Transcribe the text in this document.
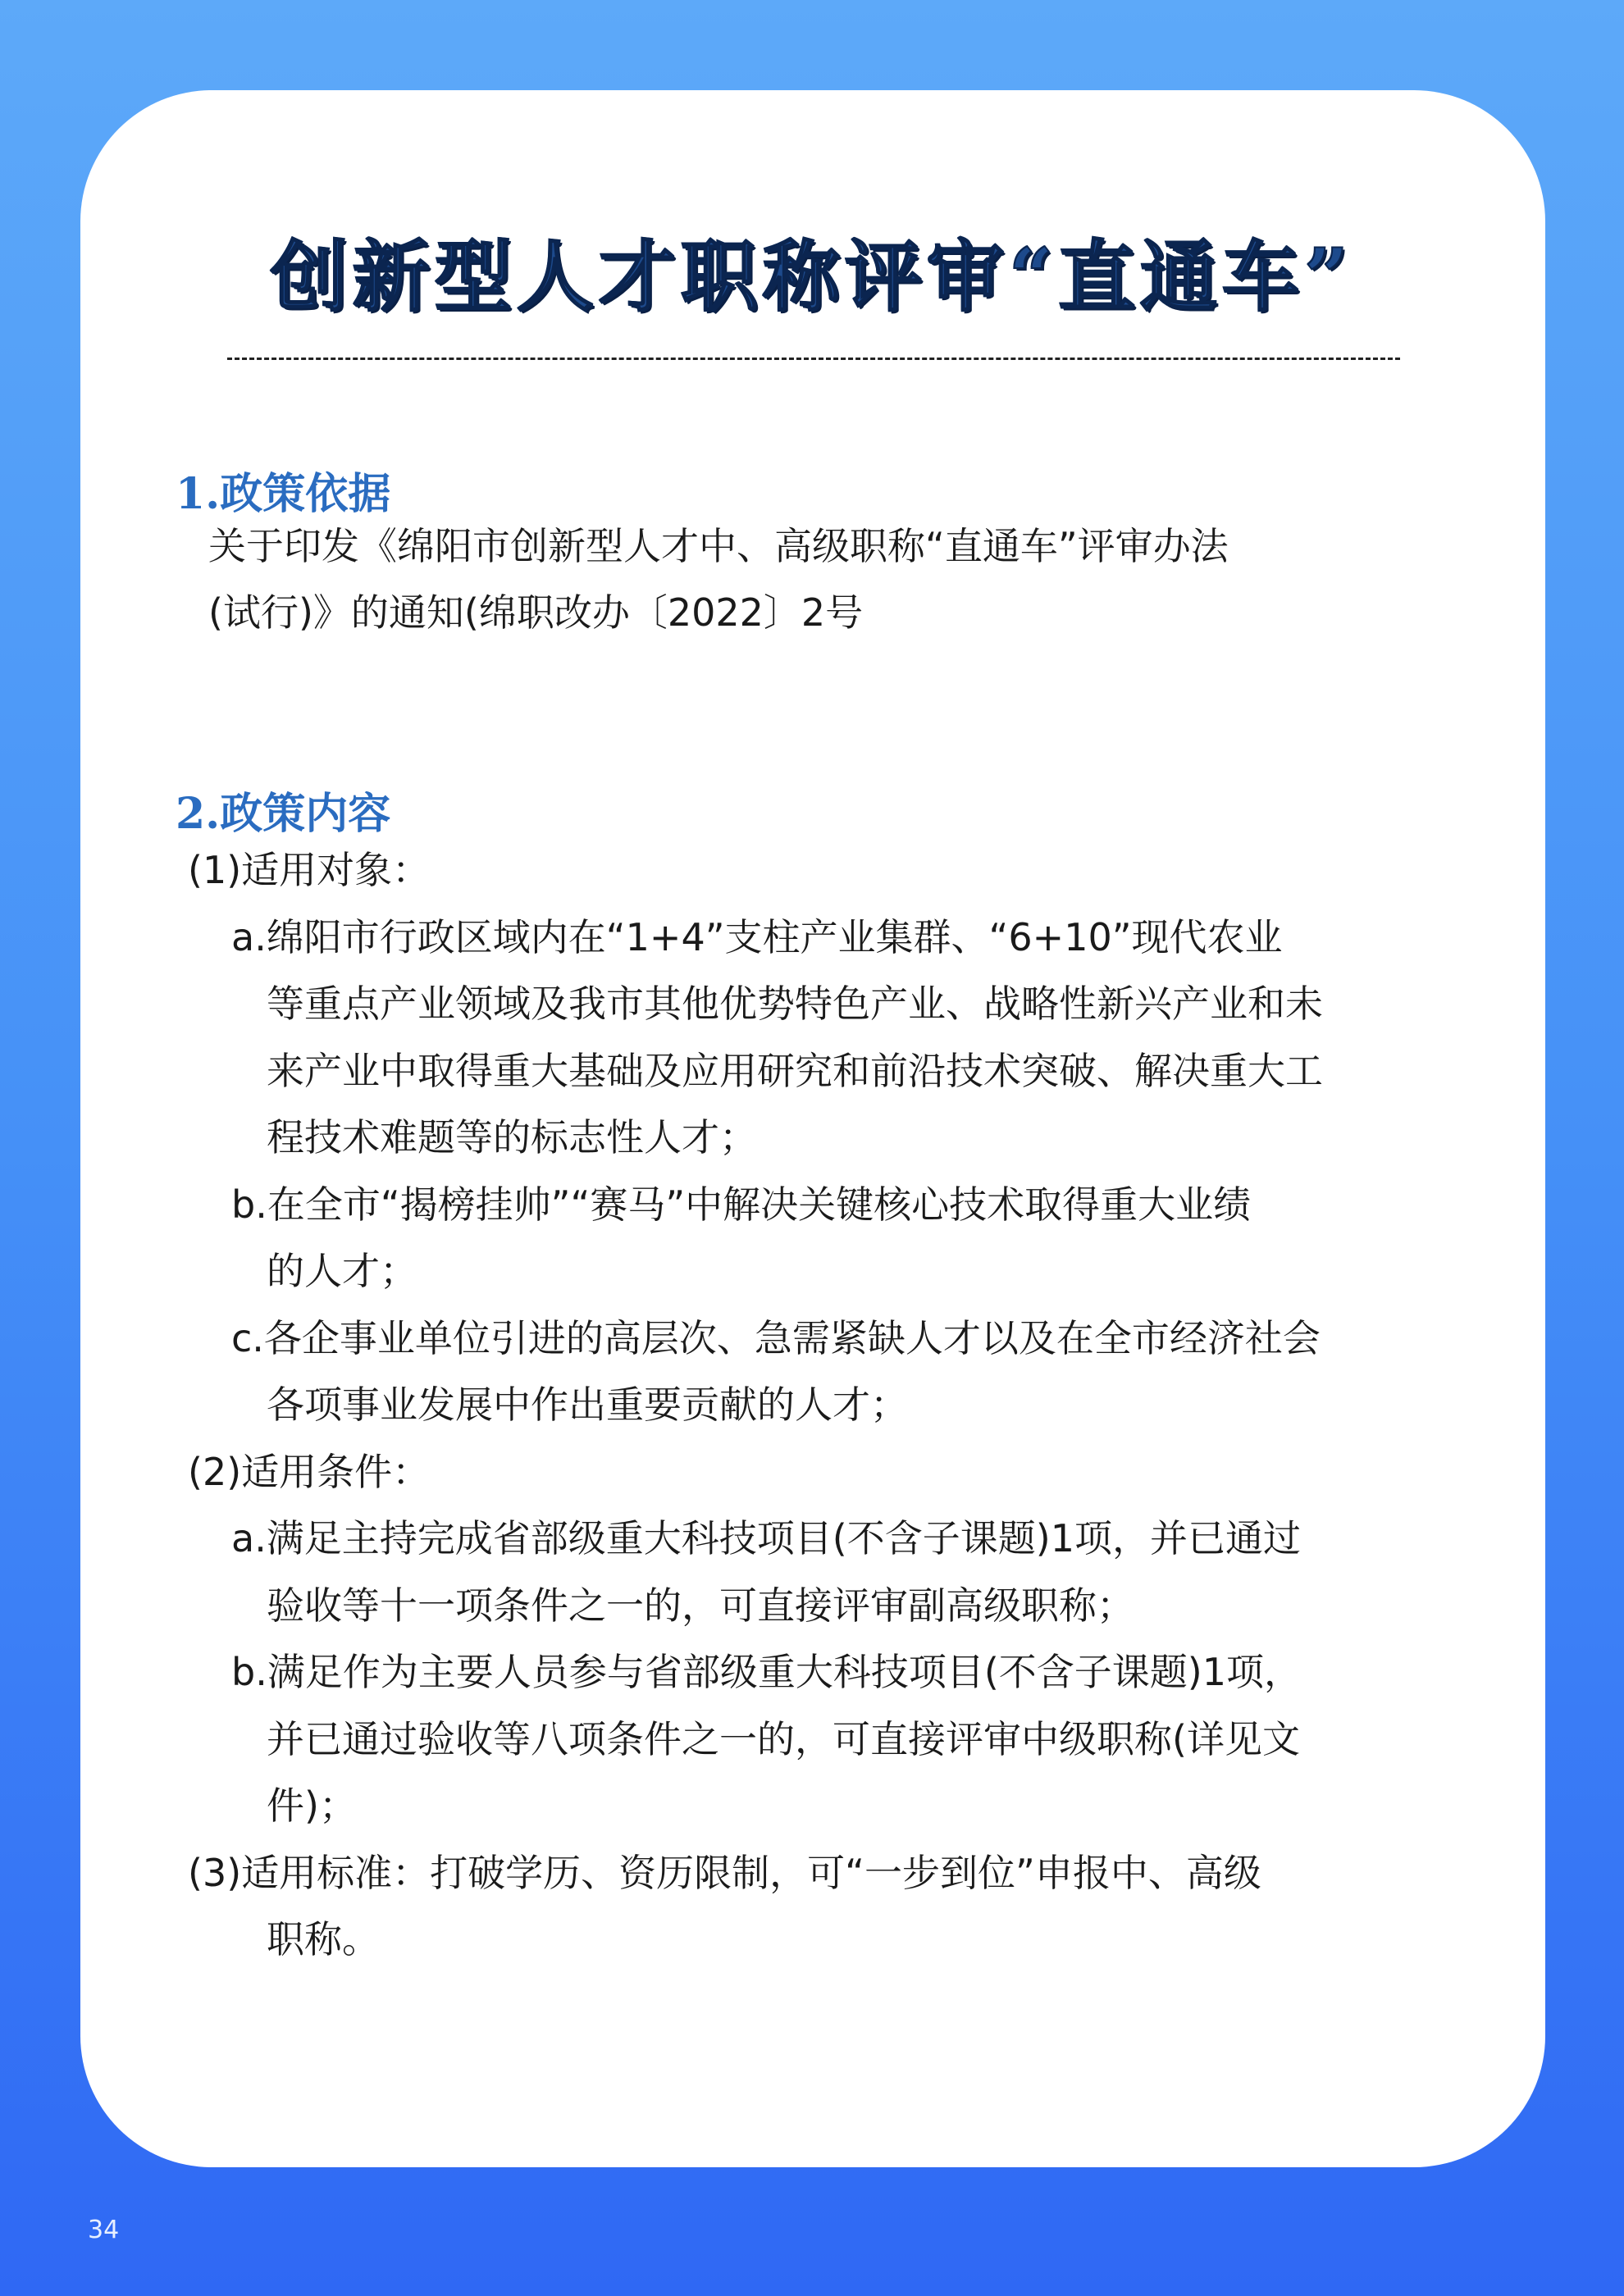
创新型人才职称评审“直通车”
1.政策依据
关于印发《绵阳市创新型人才中、高级职称“直通车”评审办法
(试行)》的通知(绵职改办〔2022〕2号
2.政策内容
(1)适用对象：
a.绵阳市行政区域内在“1+4”支柱产业集群、“6+10”现代农业
等重点产业领域及我市其他优势特色产业、战略性新兴产业和未
来产业中取得重大基础及应用研究和前沿技术突破、解决重大工
程技术难题等的标志性人才；
b.在全市“揭榜挂帅”“赛马”中解决关键核心技术取得重大业绩
的人才；
c.各企事业单位引进的高层次、急需紧缺人才以及在全市经济社会
各项事业发展中作出重要贡献的人才；
(2)适用条件：
a.满足主持完成省部级重大科技项目(不含子课题)1项，并已通过
验收等十一项条件之一的，可直接评审副高级职称；
b.满足作为主要人员参与省部级重大科技项目(不含子课题)1项，
并已通过验收等八项条件之一的，可直接评审中级职称(详见文
件)；
(3)适用标准：打破学历、资历限制，可“一步到位”申报中、高级
职称。
34
